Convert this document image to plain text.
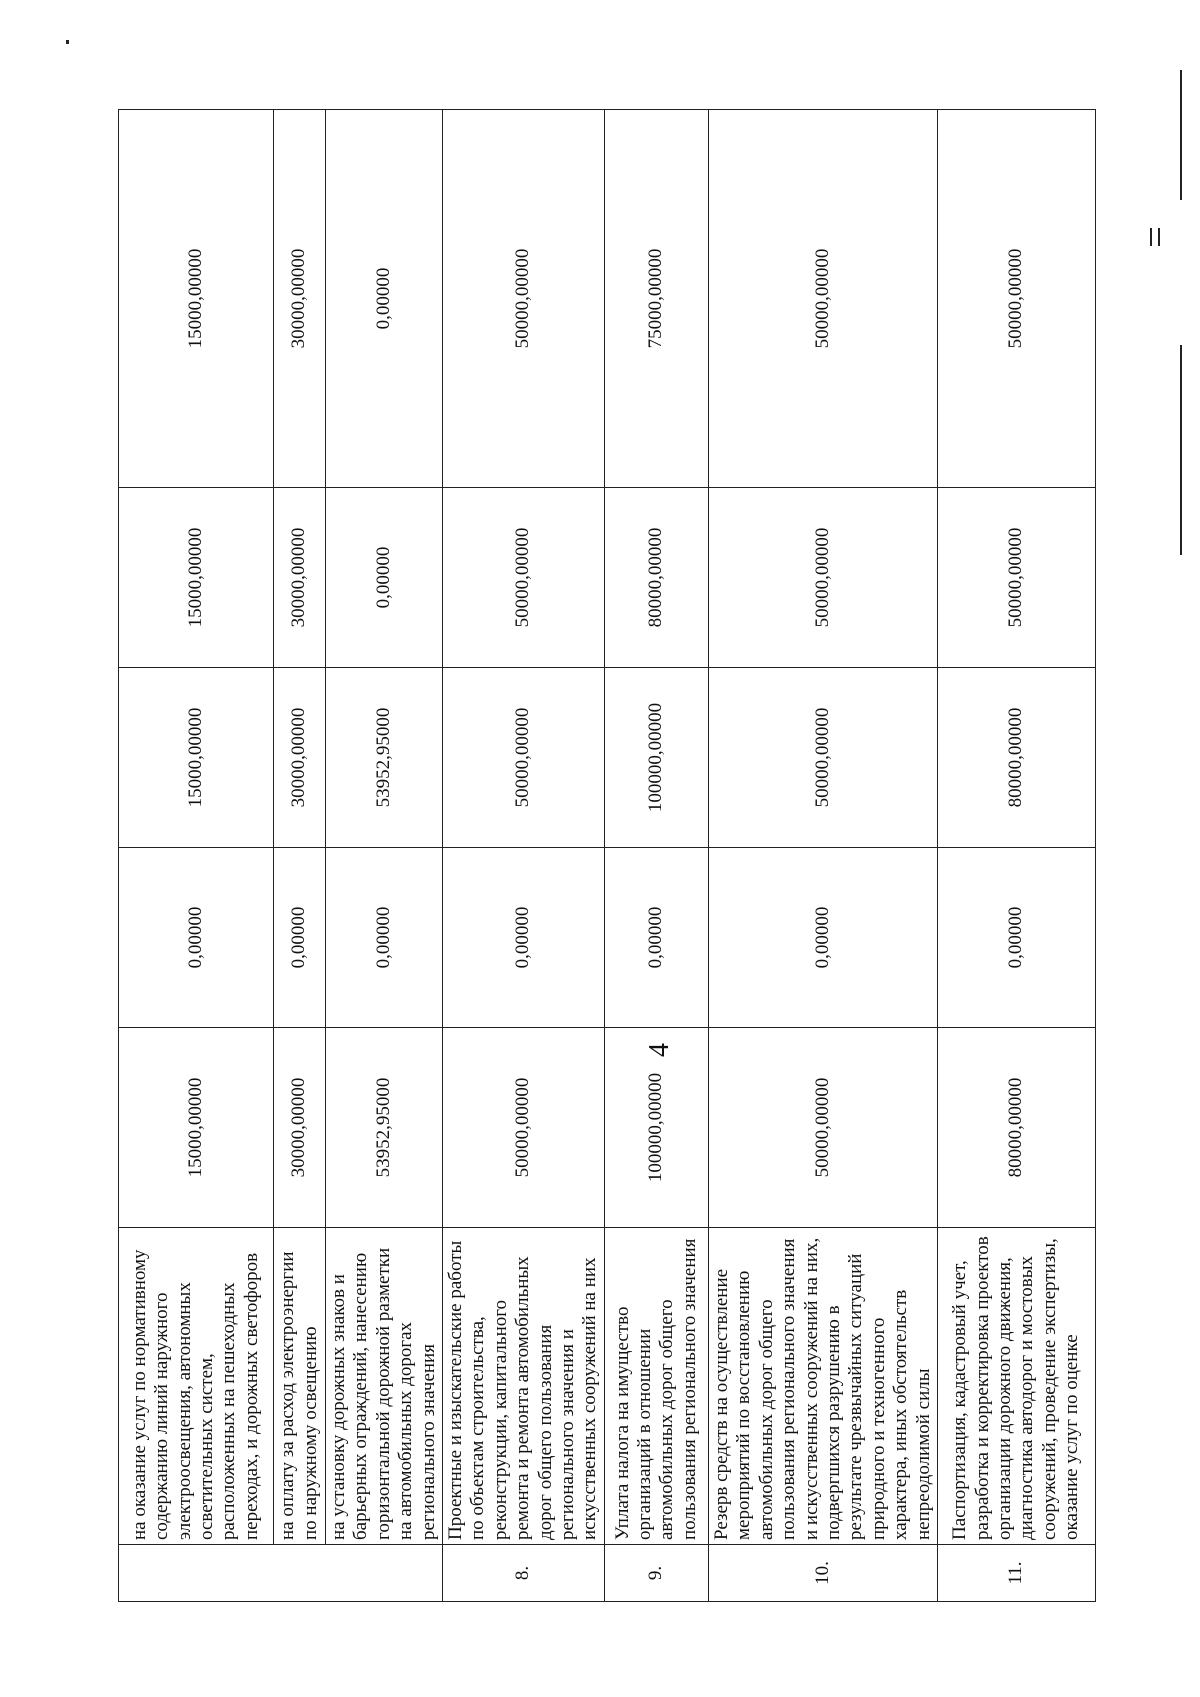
4
	на оказание услуг по нормативному содержанию линий наружного электроосвещения, автономных осветительных систем, расположенных на пешеходных переходах, и дорожных светофоров	15000,00000	0,00000	15000,00000	15000,00000	15000,00000
	на оплату за расход электроэнергии по наружному освещению	30000,00000	0,00000	30000,00000	30000,00000	30000,00000
	на установку дорожных знаков и барьерных ограждений, нанесению горизонтальной дорожной разметки на автомобильных дорогах регионального значения	53952,95000	0,00000	53952,95000	0,00000	0,00000
8.	Проектные и изыскательские работы по объектам строительства, реконструкции, капитального ремонта и ремонта автомобильных дорог общего пользования регионального значения и искусственных сооружений на них	50000,00000	0,00000	50000,00000	50000,00000	50000,00000
9.	Уплата налога на имущество организаций в отношении автомобильных дорог общего пользования регионального значения	100000,00000	0,00000	100000,00000	80000,00000	75000,00000
10.	Резерв средств на осуществление мероприятий по восстановлению автомобильных дорог общего пользования регионального значения и искусственных сооружений на них, подвергшихся разрушению в результате чрезвычайных ситуаций природного и техногенного характера, иных обстоятельств непреодолимой силы	50000,00000	0,00000	50000,00000	50000,00000	50000,00000
11.	Паспортизация, кадастровый учет, разработка и корректировка проектов организации дорожного движения, диагностика автодорог и мостовых сооружений, проведение экспертизы, оказание услуг по оценке	80000,00000	0,00000	80000,00000	50000,00000	50000,00000
